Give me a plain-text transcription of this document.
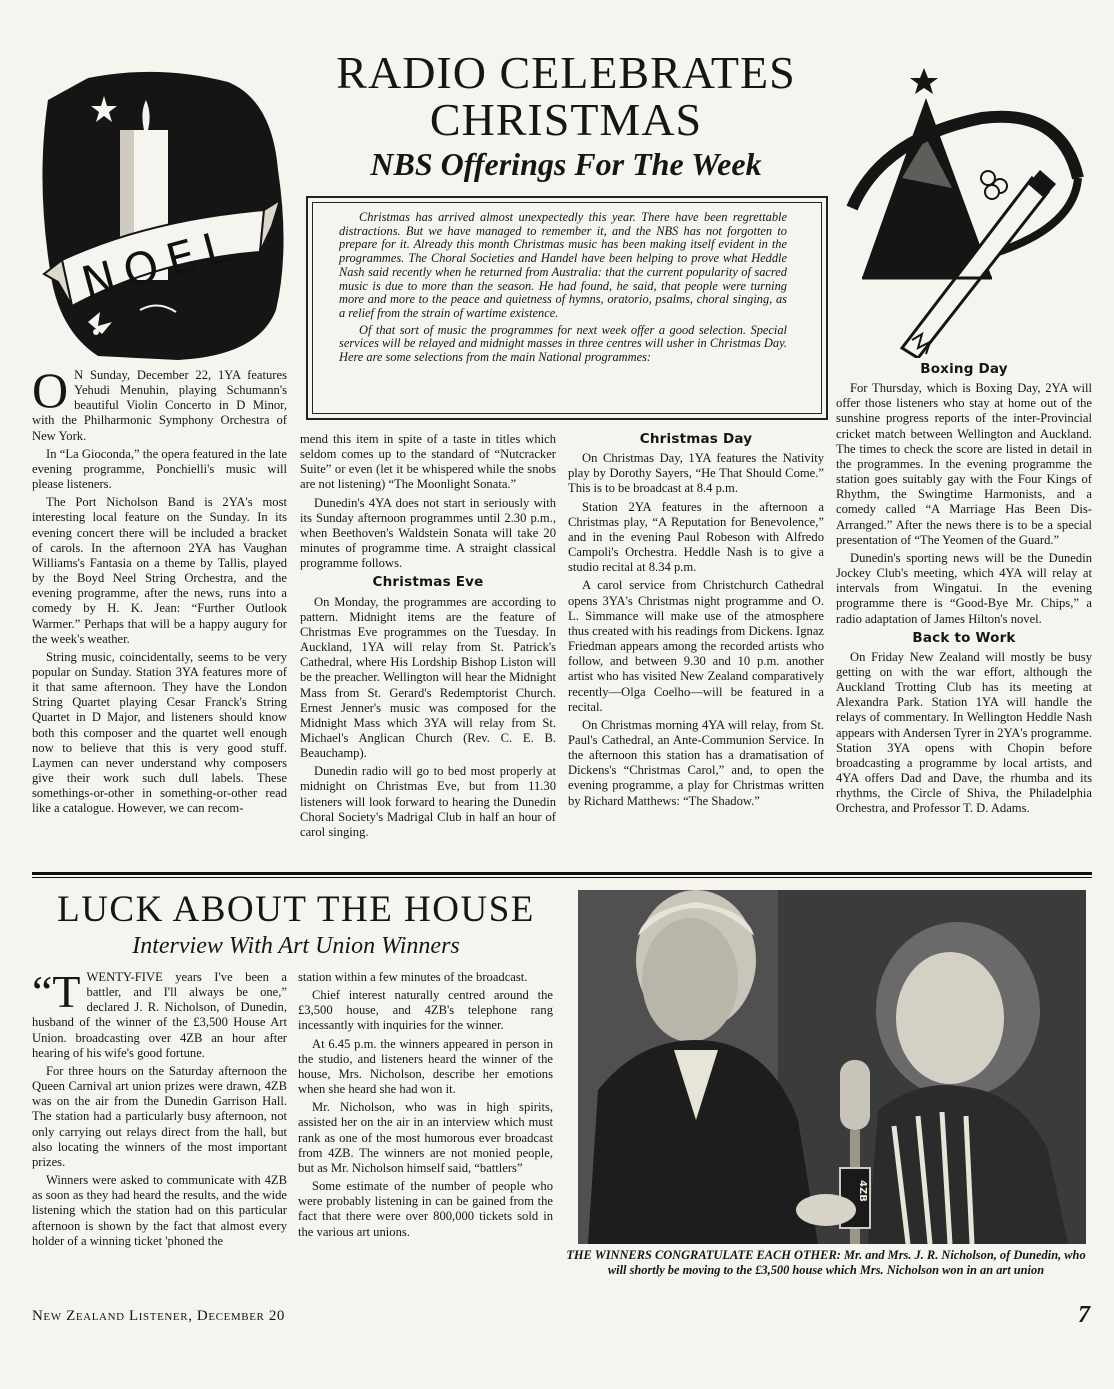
NOEL
RADIO CELEBRATES
CHRISTMAS
NBS Offerings For The Week

Christmas has arrived almost unexpectedly this year. There have been regrettable distractions. But we have managed to remember it, and the NBS has not forgotten to prepare for it. Already this month Christmas music has been making itself evident in the programmes. The Choral Societies and Handel have been helping to prove what Heddle Nash said recently when he returned from Australia: that the current popularity of sacred music is due to more than the season. He had found, he said, that people were turning more and more to the peace and quietness of hymns, oratorio, psalms, choral singing, as a relief from the strain of wartime existence.

Of that sort of music the programmes for next week offer a good selection. Special services will be relayed and midnight masses in three centres will usher in Christmas Day. Here are some selections from the main National programmes:

O N Sunday, December 22, 1YA features Yehudi Menuhin, playing Schumann's beautiful Violin Concerto in D Minor, with the Philharmonic Symphony Orchestra of New York.

In “La Gioconda,” the opera featured in the late evening programme, Ponchielli's music will please listeners.

The Port Nicholson Band is 2YA's most interesting local feature on the Sunday. In its evening concert there will be included a bracket of carols. In the afternoon 2YA has Vaughan Williams's Fantasia on a theme by Tallis, played by the Boyd Neel String Orchestra, and the evening programme, after the news, runs into a comedy by H. K. Jean: “Further Outlook Warmer.” Perhaps that will be a happy augury for the week's weather.

String music, coincidentally, seems to be very popular on Sunday. Station 3YA features more of it that same afternoon. They have the London String Quartet playing Cesar Franck's String Quartet in D Major, and listeners should know both this composer and the quartet well enough now to believe that this is very good stuff. Laymen can never understand why composers give their work such dull labels. These somethings-or-other in something-or-other read like a catalogue. However, we can recom-

mend this item in spite of a taste in titles which seldom comes up to the standard of “Nutcracker Suite” or even (let it be whispered while the snobs are not listening) “The Moonlight Sonata.”

Dunedin's 4YA does not start in seriously with its Sunday afternoon programmes until 2.30 p.m., when Beethoven's Waldstein Sonata will take 20 minutes of programme time. A straight classical programme follows.

Christmas Eve

On Monday, the programmes are according to pattern. Midnight items are the feature of Christmas Eve programmes on the Tuesday. In Auckland, 1YA will relay from St. Patrick's Cathedral, where His Lordship Bishop Liston will be the preacher. Wellington will hear the Midnight Mass from St. Gerard's Redemptorist Church. Ernest Jenner's music was composed for the Midnight Mass which 3YA will relay from St. Michael's Anglican Church (Rev. C. E. B. Beauchamp).

Dunedin radio will go to bed most properly at midnight on Christmas Eve, but from 11.30 listeners will look forward to hearing the Dunedin Choral Society's Madrigal Club in half an hour of carol singing.

Christmas Day

On Christmas Day, 1YA features the Nativity play by Dorothy Sayers, “He That Should Come.” This is to be broadcast at 8.4 p.m.

Station 2YA features in the afternoon a Christmas play, “A Reputation for Benevolence,” and in the evening Paul Robeson with Alfredo Campoli's Orchestra. Heddle Nash is to give a studio recital at 8.34 p.m.

A carol service from Christchurch Cathedral opens 3YA's Christmas night programme and O. L. Simmance will make use of the atmosphere thus created with his readings from Dickens. Ignaz Friedman appears among the recorded artists who follow, and between 9.30 and 10 p.m. another artist who has visited New Zealand comparatively recently—Olga Coelho—will be featured in a recital.

On Christmas morning 4YA will relay, from St. Paul's Cathedral, an Ante-Communion Service. In the afternoon this station has a dramatisation of Dickens's “Christmas Carol,” and, to open the evening programme, a play for Christmas written by Richard Matthews: “The Shadow.”

Boxing Day

For Thursday, which is Boxing Day, 2YA will offer those listeners who stay at home out of the sunshine progress reports of the inter-Provincial cricket match between Wellington and Auckland. The times to check the score are listed in detail in the programmes. In the evening programme the station goes suitably gay with the Four Kings of Rhythm, the Swingtime Harmonists, and a comedy called “A Marriage Has Been Dis-Arranged.” After the news there is to be a special presentation of “The Yeomen of the Guard.”

Dunedin's sporting news will be the Dunedin Jockey Club's meeting, which 4YA will relay at intervals from Wingatui. In the evening programme there is “Good-Bye Mr. Chips,” a radio adaptation of James Hilton's novel.

Back to Work

On Friday New Zealand will mostly be busy getting on with the war effort, although the Auckland Trotting Club has its meeting at Alexandra Park. Station 1YA will handle the relays of commentary. In Wellington Heddle Nash appears with Andersen Tyrer in 2YA's programme. Station 3YA opens with Chopin before broadcasting a programme by local artists, and 4YA offers Dad and Dave, the rhumba and its rhythms, the Circle of Shiva, the Philadelphia Orchestra, and Professor T. D. Adams.

LUCK ABOUT THE HOUSE
Interview With Art Union Winners

“TWENTY-FIVE years I've been a battler, and I'll always be one,” declared J. R. Nicholson, of Dunedin, husband of the winner of the £3,500 House Art Union. broadcasting over 4ZB an hour after hearing of his wife's good fortune.

For three hours on the Saturday afternoon the Queen Carnival art union prizes were drawn, 4ZB was on the air from the Dunedin Garrison Hall. The station had a particularly busy afternoon, not only carrying out relays direct from the hall, but also locating the winners of the most important prizes.

Winners were asked to communicate with 4ZB as soon as they had heard the results, and the wide listening which the station had on this particular afternoon is shown by the fact that almost every holder of a winning ticket 'phoned the

station within a few minutes of the broadcast.

Chief interest naturally centred around the £3,500 house, and 4ZB's telephone rang incessantly with inquiries for the winner.

At 6.45 p.m. the winners appeared in person in the studio, and listeners heard the winner of the house, Mrs. Nicholson, describe her emotions when she heard she had won it.

Mr. Nicholson, who was in high spirits, assisted her on the air in an interview which must rank as one of the most humorous ever broadcast from 4ZB. The winners are not monied people, but as Mr. Nicholson himself said, “battlers”

Some estimate of the number of people who were probably listening in can be gained from the fact that there were over 800,000 tickets sold in the various art unions.

4ZB
THE WINNERS CONGRATULATE EACH OTHER: Mr. and Mrs. J. R. Nicholson, of Dunedin, who will shortly be moving to the £3,500 house which Mrs. Nicholson won in an art union
New Zealand Listener, December 20	7
